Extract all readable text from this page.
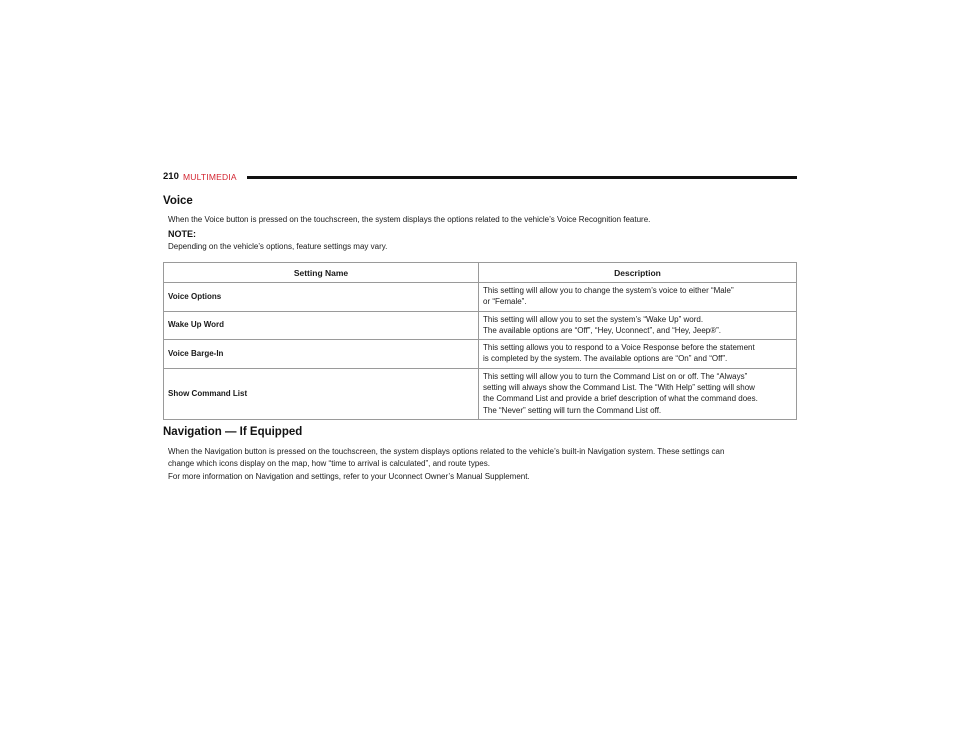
210 MULTIMEDIA
Voice
When the Voice button is pressed on the touchscreen, the system displays the options related to the vehicle’s Voice Recognition feature.
NOTE:
Depending on the vehicle’s options, feature settings may vary.
Setting Name	Description
Voice Options	This setting will allow you to change the system’s voice to either “Male”
or “Female”.

Wake Up Word	This setting will allow you to set the system’s “Wake Up” word.
The available options are “Off”, “Hey, Uconnect”, and “Hey, Jeep®”.

Voice Barge-In	This setting allows you to respond to a Voice Response before the statement
is completed by the system. The available options are “On” and “Off”.

Show Command List	This setting will allow you to turn the Command List on or off. The “Always”
setting will always show the Command List. The “With Help” setting will show
the Command List and provide a brief description of what the command does.
The “Never” setting will turn the Command List off.
Navigation — If Equipped
When the Navigation button is pressed on the touchscreen, the system displays options related to the vehicle’s built-in Navigation system. These settings can
change which icons display on the map, how “time to arrival is calculated”, and route types.
For more information on Navigation and settings, refer to your Uconnect Owner’s Manual Supplement.
